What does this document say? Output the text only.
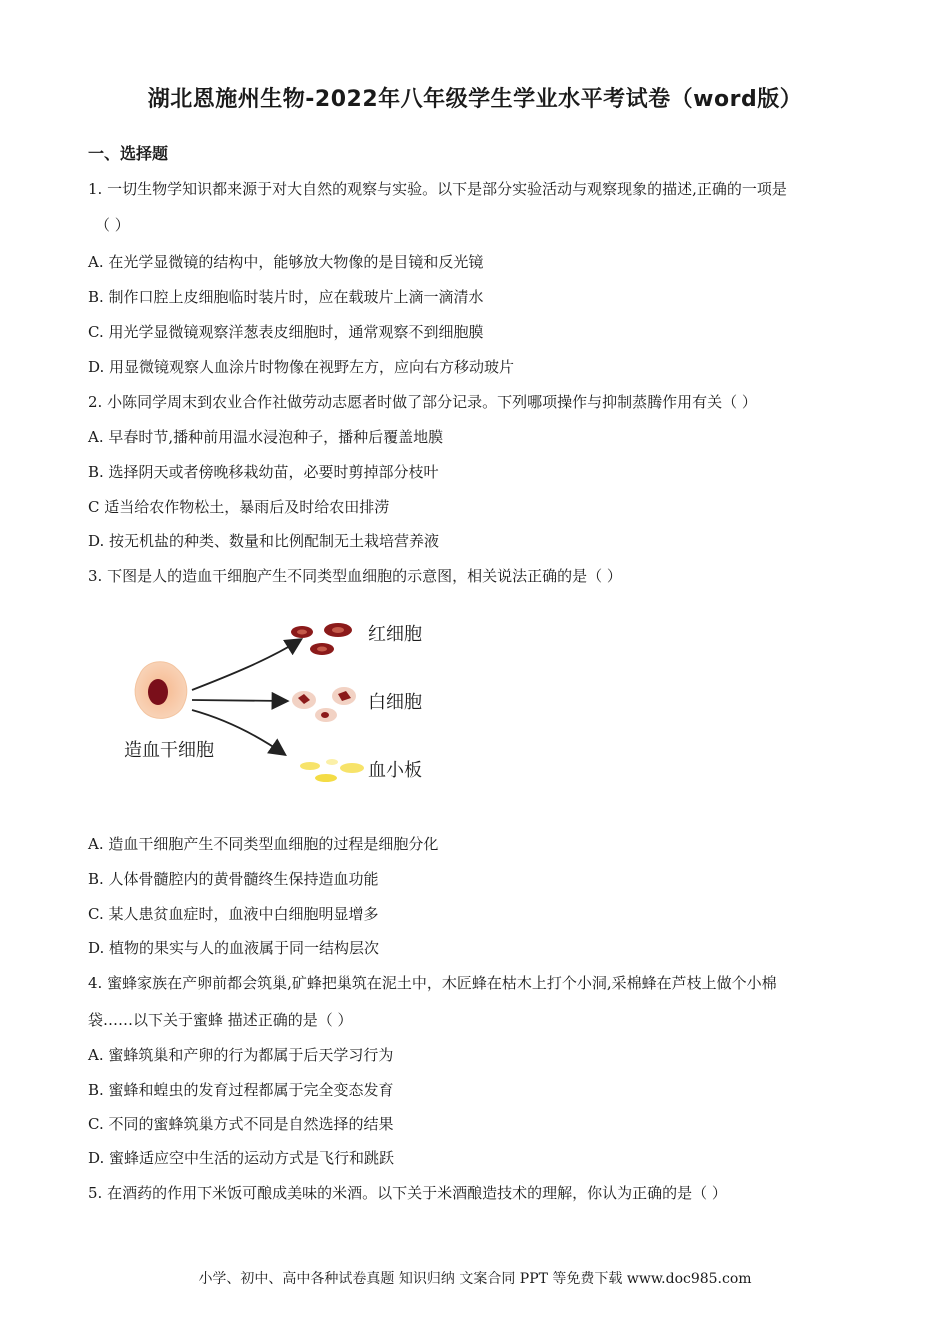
湖北恩施州生物-2022年八年级学生学业水平考试卷（word版）
一、选择题
1. 一切生物学知识都来源于对大自然的观察与实验。以下是部分实验活动与观察现象的描述,正确的一项是
（ ）
A. 在光学显微镜的结构中，能够放大物像的是目镜和反光镜
B. 制作口腔上皮细胞临时装片时，应在载玻片上滴一滴清水
C. 用光学显微镜观察洋葱表皮细胞时，通常观察不到细胞膜
D. 用显微镜观察人血涂片时物像在视野左方，应向右方移动玻片
2. 小陈同学周末到农业合作社做劳动志愿者时做了部分记录。下列哪项操作与抑制蒸腾作用有关（ ）
A. 早春时节,播种前用温水浸泡种子，播种后覆盖地膜
B. 选择阴天或者傍晚移栽幼苗，必要时剪掉部分枝叶
C 适当给农作物松土，暴雨后及时给农田排涝
D. 按无机盐的种类、数量和比例配制无土栽培营养液
3. 下图是人的造血干细胞产生不同类型血细胞的示意图，相关说法正确的是（ ）
红细胞
白细胞
血小板
造血干细胞
A. 造血干细胞产生不同类型血细胞的过程是细胞分化
B. 人体骨髓腔内的黄骨髓终生保持造血功能
C. 某人患贫血症时，血液中白细胞明显增多
D. 植物的果实与人的血液属于同一结构层次
4. 蜜蜂家族在产卵前都会筑巢,矿蜂把巢筑在泥土中，木匠蜂在枯木上打个小洞,采棉蜂在芦枝上做个小棉
袋……以下关于蜜蜂 描述正确的是（ ）
A. 蜜蜂筑巢和产卵的行为都属于后天学习行为
B. 蜜蜂和蝗虫的发育过程都属于完全变态发育
C. 不同的蜜蜂筑巢方式不同是自然选择的结果
D. 蜜蜂适应空中生活的运动方式是飞行和跳跃
5. 在酒药的作用下米饭可酿成美味的米酒。以下关于米酒酿造技术的理解，你认为正确的是（ ）
小学、初中、高中各种试卷真题 知识归纳 文案合同 PPT 等免费下载 www.doc985.com
